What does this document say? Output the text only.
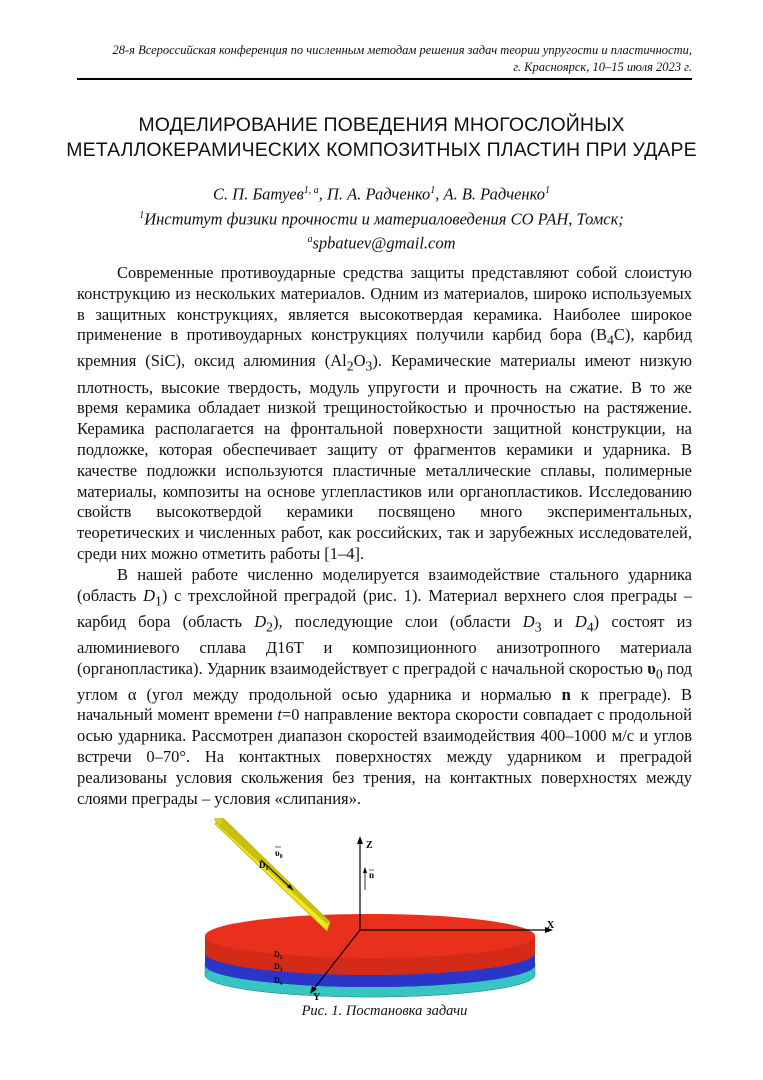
28-я Всероссийская конференция по численным методам решения задач теории упругости и пластичности,
г. Красноярск, 10–15 июля 2023 г.
МОДЕЛИРОВАНИЕ ПОВЕДЕНИЯ МНОГОСЛОЙНЫХ
МЕТАЛЛОКЕРАМИЧЕСКИХ КОМПОЗИТНЫХ ПЛАСТИН ПРИ УДАРЕ
С. П. Батуев$^{1, a}$, П. А. Радченко$^1$, А. В. Радченко$^1$
$^1$Институт физики прочности и материаловедения СО РАН, Томск;
$^a$spbatuev@gmail.com

Современные противоударные средства защиты представляют собой слоистую конструкцию из нескольких материалов. Одним из материалов, широко используемых в защитных конструкциях, является высокотвердая керамика. Наиболее широкое применение в противоударных конструкциях получили карбид бора $(B_4C)$, карбид кремния (SiC), оксид алюминия $(Al_2O_3)$. Керамические материалы имеют низкую плотность, высокие твердость, модуль упругости и прочность на сжатие. В то же время керамика обладает низкой трещиностойкостью и прочностью на растяжение. Керамика располагается на фронтальной поверхности защитной конструкции, на подложке, которая обеспечивает защиту от фрагментов керамики и ударника. В качестве подложки используются пластичные металлические сплавы, полимерные материалы, композиты на основе углепластиков или органопластиков. Исследованию свойств высокотвердой керамики посвящено много экспериментальных, теоретических и численных работ, как российских, так и зарубежных исследователей, среди них можно отметить работы [1–4].

В нашей работе численно моделируется взаимодействие стального ударника (область $D_1$) с трехслойной преградой (рис. 1). Материал верхнего слоя преграды – карбид бора (область $D_2$), последующие слои (области $D_3$ и $D_4$) состоят из алюминиевого сплава Д16Т и композиционного анизотропного материала (органопластика). Ударник взаимодействует с преградой с начальной скоростью $\upsilon_0$ под углом α (угол между продольной осью ударника и нормалью n к преграде). В начальный момент времени t=0 направление вектора скорости совпадает с продольной осью ударника. Рассмотрен диапазон скоростей взаимодействия 400–1000 м/с и углов встречи 0–70°. На контактных поверхностях между ударником и преградой реализованы условия скольжения без трения, на контактных поверхностях между слоями преграды – условия «слипания».

$\upsilon_0$
$D_1$
Z
n
X
Y
$D_2$
$D_3$
$D_4$
Рис. 1. Постановка задачи
